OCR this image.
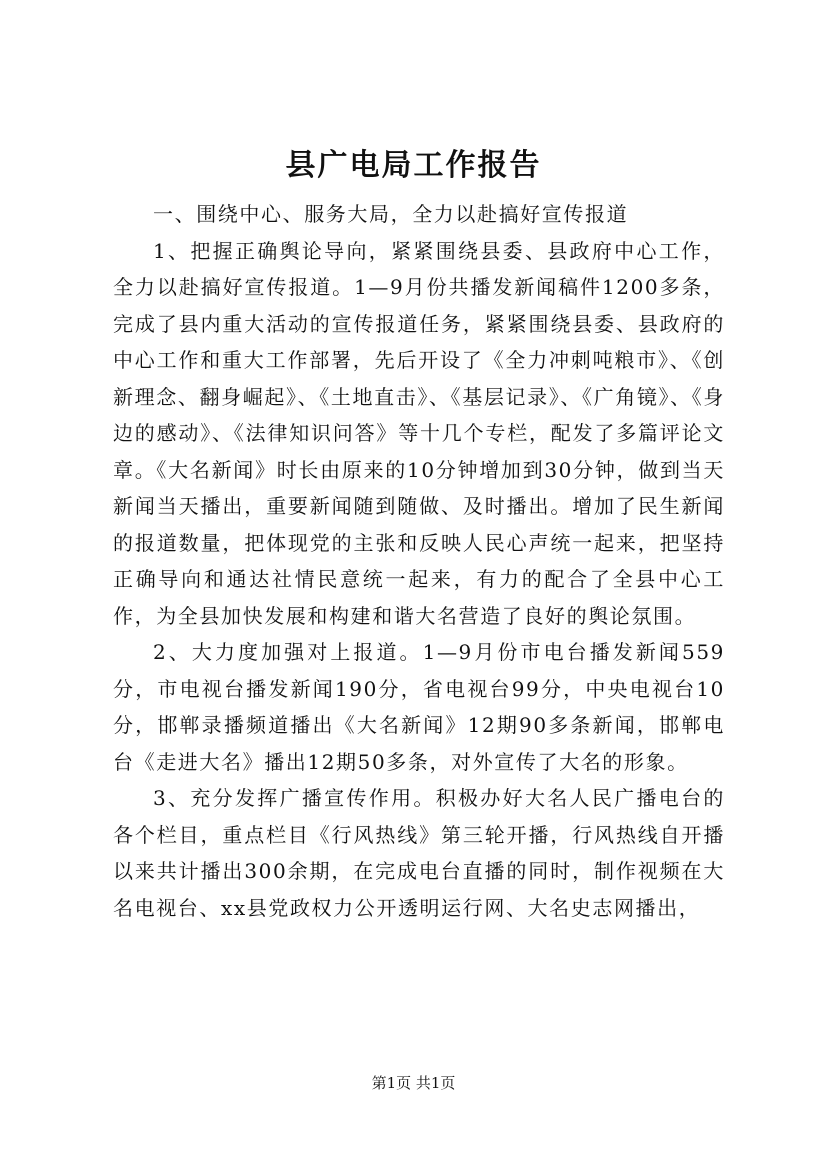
县广电局工作报告

一、围绕中心、服务大局，全力以赴搞好宣传报道

1、把握正确舆论导向，紧紧围绕县委、县政府中心工作，全力以赴搞好宣传报道。1—9月份共播发新闻稿件1200多条，完成了县内重大活动的宣传报道任务，紧紧围绕县委、县政府的中心工作和重大工作部署，先后开设了《全力冲刺吨粮市》、《创新理念、翻身崛起》、《土地直击》、《基层记录》、《广角镜》、《身边的感动》、《法律知识问答》等十几个专栏，配发了多篇评论文章。《大名新闻》时长由原来的10分钟增加到30分钟，做到当天新闻当天播出，重要新闻随到随做、及时播出。增加了民生新闻的报道数量，把体现党的主张和反映人民心声统一起来，把坚持正确导向和通达社情民意统一起来，有力的配合了全县中心工作，为全县加快发展和构建和谐大名营造了良好的舆论氛围。

2、大力度加强对上报道。1—9月份市电台播发新闻559分，市电视台播发新闻190分，省电视台99分，中央电视台10分，邯郸录播频道播出《大名新闻》12期90多条新闻，邯郸电台《走进大名》播出12期50多条，对外宣传了大名的形象。

3、充分发挥广播宣传作用。积极办好大名人民广播电台的各个栏目，重点栏目《行风热线》第三轮开播，行风热线自开播以来共计播出300余期，在完成电台直播的同时，制作视频在大名电视台、xx县党政权力公开透明运行网、大名史志网播出，

第1页 共1页
